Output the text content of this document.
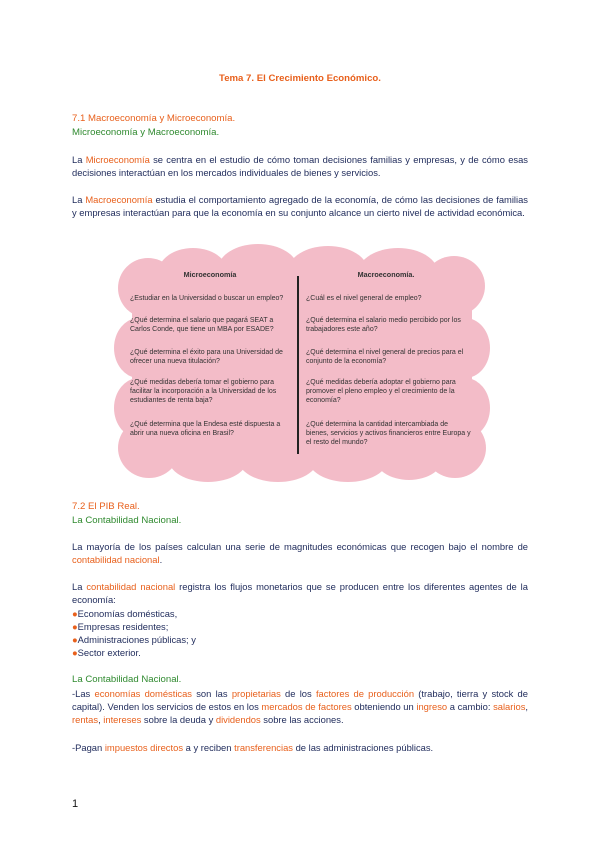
Tema 7. El Crecimiento Económico.
7.1 Macroeconomía y Microeconomía.
Microeconomía y Macroeconomía.

La Microeconomía se centra en el estudio de cómo toman decisiones familias y empresas, y de cómo esas decisiones interactúan en los mercados individuales de bienes y servicios.

La Macroeconomía estudia el comportamiento agregado de la economía, de cómo las decisiones de familias y empresas interactúan para que la economía en su conjunto alcance un cierto nivel de actividad económica.

Microeconomía	Macroeconomía.
¿Estudiar en la Universidad o buscar un empleo?
¿Qué determina el salario que pagará SEAT a Carlos Conde, que tiene un MBA por ESADE?
¿Qué determina el éxito para una Universidad de ofrecer una nueva titulación?
¿Qué medidas debería tomar el gobierno para facilitar la incorporación a la Universidad de los estudiantes de renta baja?
¿Qué determina que la Endesa esté dispuesta a abrir una nueva oficina en Brasil?
¿Cuál es el nivel general de empleo?
¿Qué determina el salario medio percibido por los trabajadores este año?
¿Qué determina el nivel general de precios para el conjunto de la economía?
¿Qué medidas debería adoptar el gobierno para promover el pleno empleo y el crecimiento de la economía?
¿Qué determina la cantidad intercambiada de bienes, servicios y activos financieros entre Europa y el resto del mundo?
7.2 El PIB Real.
La Contabilidad Nacional.

La mayoría de los países calculan una serie de magnitudes económicas que recogen bajo el nombre de contabilidad nacional.

La contabilidad nacional registra los flujos monetarios que se producen entre los diferentes agentes de la economía:

●Economías domésticas,
●Empresas residentes;
●Administraciones públicas; y
●Sector exterior.
La Contabilidad Nacional.

-Las economías domésticas son las propietarias de los factores de producción (trabajo, tierra y stock de capital). Venden los servicios de estos en los mercados de factores obteniendo un ingreso a cambio: salarios, rentas, intereses sobre la deuda y dividendos sobre las acciones.

-Pagan impuestos directos a y reciben transferencias de las administraciones públicas.

1
